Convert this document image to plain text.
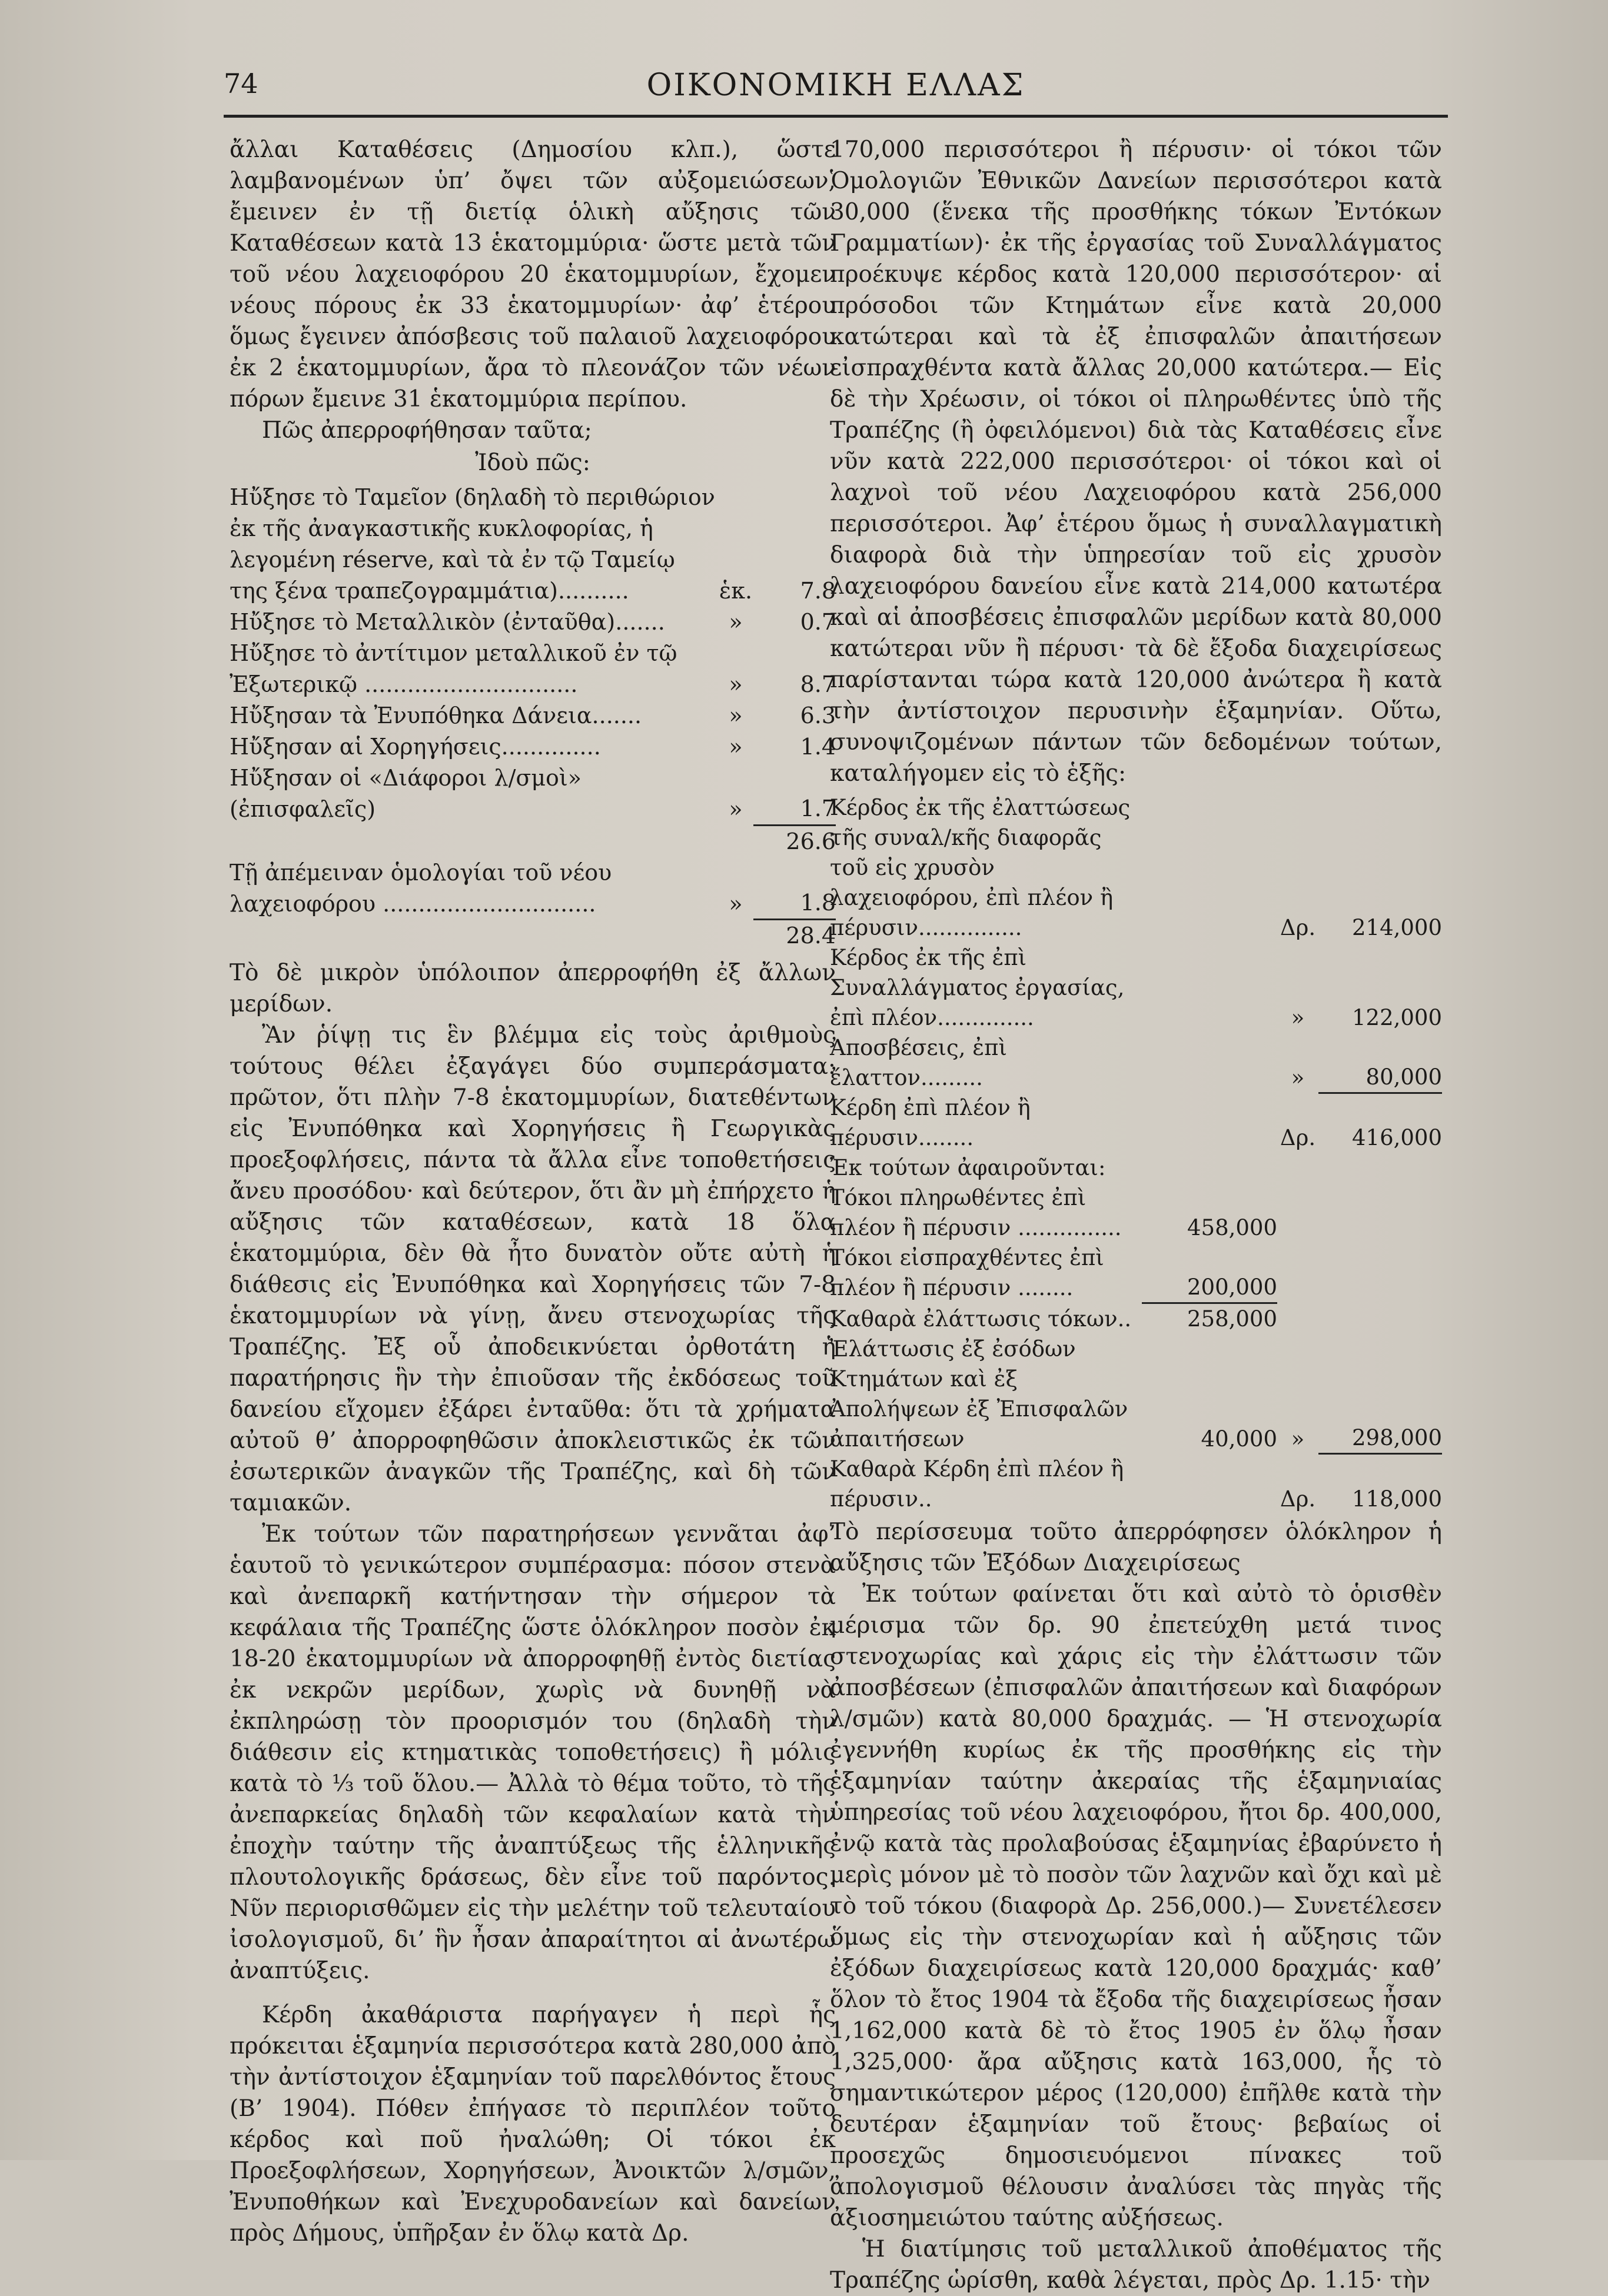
74	ΟΙΚΟΝΟΜΙΚΗ ΕΛΛΑΣ

ἄλλαι Καταθέσεις (Δημοσίου κλπ.), ὥστε λαμβανομένων ὑπ’ ὄψει τῶν αὐξομειώσεων, ἔμεινεν ἐν τῇ διετίᾳ ὁλικὴ αὔξησις τῶν Καταθέσεων κατὰ 13 ἑκατομμύρια· ὥστε μετὰ τῶν τοῦ νέου λαχειοφόρου 20 ἑκατομμυρίων, ἔχομεν νέους πόρους ἐκ 33 ἑκατομμυρίων· ἀφ’ ἑτέρου ὅμως ἔγεινεν ἀπόσβεσις τοῦ παλαιοῦ λαχειοφόρου ἐκ 2 ἑκατομμυρίων, ἄρα τὸ πλεονάζον τῶν νέων πόρων ἔμεινε 31 ἑκατομμύρια περίπου.

Πῶς ἀπερροφήθησαν ταῦτα;

Ἰδοὺ πῶς:

Ηὔξησε τὸ Ταμεῖον (δηλαδὴ τὸ περιθώριον ἐκ τῆς ἀναγκαστικῆς κυκλοφορίας, ἡ λεγομένη réserve, καὶ τὰ ἐν τῷ Ταμείῳ της ξένα τραπεζογραμμάτια)..........	ἑκ.	7.8
Ηὔξησε τὸ Μεταλλικὸν (ἐνταῦθα).......	»	0.7
Ηὔξησε τὸ ἀντίτιμον μεταλλικοῦ ἐν τῷ Ἐξωτερικῷ ..............................	»	8.7
Ηὔξησαν τὰ Ἐνυπόθηκα Δάνεια.......	»	6.3
Ηὔξησαν αἱ Χορηγήσεις..............	»	1.4
Ηὔξησαν οἱ «Διάφοροι λ/σμοὶ» (ἐπισφαλεῖς)	»	1.7
		26.6
Τῇ ἀπέμειναν ὁμολογίαι τοῦ νέου λαχειοφόρου ..............................	»	1.8
		28.4

Τὸ δὲ μικρὸν ὑπόλοιπον ἀπερροφήθη ἐξ ἄλλων μερίδων.

Ἂν ῥίψῃ τις ἓν βλέμμα εἰς τοὺς ἀριθμοὺς τούτους θέλει ἐξαγάγει δύο συμπεράσματα: πρῶτον, ὅτι πλὴν 7-8 ἑκατομμυρίων, διατεθέντων εἰς Ἐνυπόθηκα καὶ Χορηγήσεις ἢ Γεωργικὰς προεξοφλήσεις, πάντα τὰ ἄλλα εἶνε τοποθετήσεις ἄνευ προσόδου· καὶ δεύτερον, ὅτι ἂν μὴ ἐπήρχετο ἡ αὔξησις τῶν καταθέσεων, κατὰ 18 ὅλα ἑκατομμύρια, δὲν θὰ ἦτο δυνατὸν οὔτε αὐτὴ ἡ διάθεσις εἰς Ἐνυπόθηκα καὶ Χορηγήσεις τῶν 7-8 ἑκατομμυρίων νὰ γίνῃ, ἄνευ στενοχωρίας τῆς Τραπέζης. Ἐξ οὗ ἀποδεικνύεται ὀρθοτάτη ἡ παρατήρησις ἣν τὴν ἐπιοῦσαν τῆς ἐκδόσεως τοῦ δανείου εἴχομεν ἐξάρει ἐνταῦθα: ὅτι τὰ χρήματα αὐτοῦ θ’ ἀπορροφηθῶσιν ἀποκλειστικῶς ἐκ τῶν ἐσωτερικῶν ἀναγκῶν τῆς Τραπέζης, καὶ δὴ τῶν ταμιακῶν.

Ἐκ τούτων τῶν παρατηρήσεων γεννᾶται ἀφ’ ἑαυτοῦ τὸ γενικώτερον συμπέρασμα: πόσον στενὰ καὶ ἀνεπαρκῆ κατήντησαν τὴν σήμερον τὰ κεφάλαια τῆς Τραπέζης ὥστε ὁλόκληρον ποσὸν ἐκ 18-20 ἑκατομμυρίων νὰ ἀπορροφηθῇ ἐντὸς διετίας ἐκ νεκρῶν μερίδων, χωρὶς νὰ δυνηθῇ νὰ ἐκπληρώσῃ τὸν προορισμόν του (δηλαδὴ τὴν διάθεσιν εἰς κτηματικὰς τοποθετήσεις) ἢ μόλις κατὰ τὸ ⅓ τοῦ ὅλου.— Ἀλλὰ τὸ θέμα τοῦτο, τὸ τῆς ἀνεπαρκείας δηλαδὴ τῶν κεφαλαίων κατὰ τὴν ἐποχὴν ταύτην τῆς ἀναπτύξεως τῆς ἑλληνικῆς πλουτολογικῆς δράσεως, δὲν εἶνε τοῦ παρόντος. Νῦν περιορισθῶμεν εἰς τὴν μελέτην τοῦ τελευταίου ἰσολογισμοῦ, δι’ ἣν ἦσαν ἀπαραίτητοι αἱ ἀνωτέρω ἀναπτύξεις.

Κέρδη ἀκαθάριστα παρήγαγεν ἡ περὶ ἧς πρόκειται ἑξαμηνία περισσότερα κατὰ 280,000 ἀπὸ τὴν ἀντίστοιχον ἑξαμηνίαν τοῦ παρελθόντος ἔτους (Β’ 1904). Πόθεν ἐπήγασε τὸ περιπλέον τοῦτο κέρδος καὶ ποῦ ἠναλώθη; Οἱ τόκοι ἐκ Προεξοφλήσεων, Χορηγήσεων, Ἀνοικτῶν λ/σμῶν, Ἐνυποθήκων καὶ Ἐνεχυροδανείων καὶ δανείων πρὸς Δήμους, ὑπῆρξαν ἐν ὅλῳ κατὰ Δρ.

170,000 περισσότεροι ἢ πέρυσιν· οἱ τόκοι τῶν Ὁμολογιῶν Ἐθνικῶν Δανείων περισσότεροι κατὰ 30,000 (ἕνεκα τῆς προσθήκης τόκων Ἐντόκων Γραμματίων)· ἐκ τῆς ἐργασίας τοῦ Συναλλάγματος προέκυψε κέρδος κατὰ 120,000 περισσότερον· αἱ πρόσοδοι τῶν Κτημάτων εἶνε κατὰ 20,000 κατώτεραι καὶ τὰ ἐξ ἐπισφαλῶν ἀπαιτήσεων εἰσπραχθέντα κατὰ ἄλλας 20,000 κατώτερα.— Εἰς δὲ τὴν Χρέωσιν, οἱ τόκοι οἱ πληρωθέντες ὑπὸ τῆς Τραπέζης (ἢ ὀφειλόμενοι) διὰ τὰς Καταθέσεις εἶνε νῦν κατὰ 222,000 περισσότεροι· οἱ τόκοι καὶ οἱ λαχνοὶ τοῦ νέου Λαχειοφόρου κατὰ 256,000 περισσότεροι. Ἀφ’ ἑτέρου ὅμως ἡ συναλλαγματικὴ διαφορὰ διὰ τὴν ὑπηρεσίαν τοῦ εἰς χρυσὸν λαχειοφόρου δανείου εἶνε κατὰ 214,000 κατωτέρα καὶ αἱ ἀποσβέσεις ἐπισφαλῶν μερίδων κατὰ 80,000 κατώτεραι νῦν ἢ πέρυσι· τὰ δὲ ἔξοδα διαχειρίσεως παρίστανται τώρα κατὰ 120,000 ἀνώτερα ἢ κατὰ τὴν ἀντίστοιχον περυσινὴν ἑξαμηνίαν. Οὕτω, συνοψιζομένων πάντων τῶν δεδομένων τούτων, καταλήγομεν εἰς τὸ ἑξῆς:

Κέρδος ἐκ τῆς ἐλαττώσεως τῆς συναλ/κῆς διαφορᾶς τοῦ εἰς χρυσὸν λαχειοφόρου, ἐπὶ πλέον ἢ πέρυσιν...............		Δρ.	214,000
Κέρδος ἐκ τῆς ἐπὶ Συναλλάγματος ἐργασίας, ἐπὶ πλέον..............		»	122,000
Ἀποσβέσεις, ἐπὶ ἔλαττον.........		»	80,000
Κέρδη ἐπὶ πλέον ἢ πέρυσιν........		Δρ.	416,000
Ἐκ τούτων ἀφαιροῦνται:			
Τόκοι πληρωθέντες ἐπὶ πλέον ἢ πέρυσιν ...............	458,000		
Τόκοι εἰσπραχθέντες ἐπὶ πλέον ἢ πέρυσιν ........	200,000		
Καθαρὰ ἐλάττωσις τόκων..	258,000		
Ἐλάττωσις ἐξ ἐσόδων Κτημάτων καὶ ἐξ Ἀπολήψεων ἐξ Ἐπισφαλῶν ἀπαιτήσεων	40,000	»	298,000
Καθαρὰ Κέρδη ἐπὶ πλέον ἢ πέρυσιν..		Δρ.	118,000

Τὸ περίσσευμα τοῦτο ἀπερρόφησεν ὁλόκληρον ἡ αὔξησις τῶν Ἐξόδων Διαχειρίσεως

Ἐκ τούτων φαίνεται ὅτι καὶ αὐτὸ τὸ ὁρισθὲν μέρισμα τῶν δρ. 90 ἐπετεύχθη μετά τινος στενοχωρίας καὶ χάρις εἰς τὴν ἐλάττωσιν τῶν ἀποσβέσεων (ἐπισφαλῶν ἀπαιτήσεων καὶ διαφόρων λ/σμῶν) κατὰ 80,000 δραχμάς. — Ἡ στενοχωρία ἐγεννήθη κυρίως ἐκ τῆς προσθήκης εἰς τὴν ἑξαμηνίαν ταύτην ἀκεραίας τῆς ἑξαμηνιαίας ὑπηρεσίας τοῦ νέου λαχειοφόρου, ἤτοι δρ. 400,000, ἐνῷ κατὰ τὰς προλαβούσας ἑξαμηνίας ἐβαρύνετο ἡ μερὶς μόνον μὲ τὸ ποσὸν τῶν λαχνῶν καὶ ὄχι καὶ μὲ τὸ τοῦ τόκου (διαφορὰ Δρ. 256,000.)— Συνετέλεσεν ὅμως εἰς τὴν στενοχωρίαν καὶ ἡ αὔξησις τῶν ἐξόδων διαχειρίσεως κατὰ 120,000 δραχμάς· καθ’ ὅλον τὸ ἔτος 1904 τὰ ἔξοδα τῆς διαχειρίσεως ἦσαν 1,162,000 κατὰ δὲ τὸ ἔτος 1905 ἐν ὅλῳ ἦσαν 1,325,000· ἄρα αὔξησις κατὰ 163,000, ἧς τὸ σημαντικώτερον μέρος (120,000) ἐπῆλθε κατὰ τὴν δευτέραν ἑξαμηνίαν τοῦ ἔτους· βεβαίως οἱ προσεχῶς δημοσιευόμενοι πίνακες τοῦ ἀπολογισμοῦ θέλουσιν ἀναλύσει τὰς πηγὰς τῆς ἀξιοσημειώτου ταύτης αὐξήσεως.

Ἡ διατίμησις τοῦ μεταλλικοῦ ἀποθέματος τῆς Τραπέζης ὡρίσθη, καθὰ λέγεται, πρὸς Δρ. 1.15· τὴν
